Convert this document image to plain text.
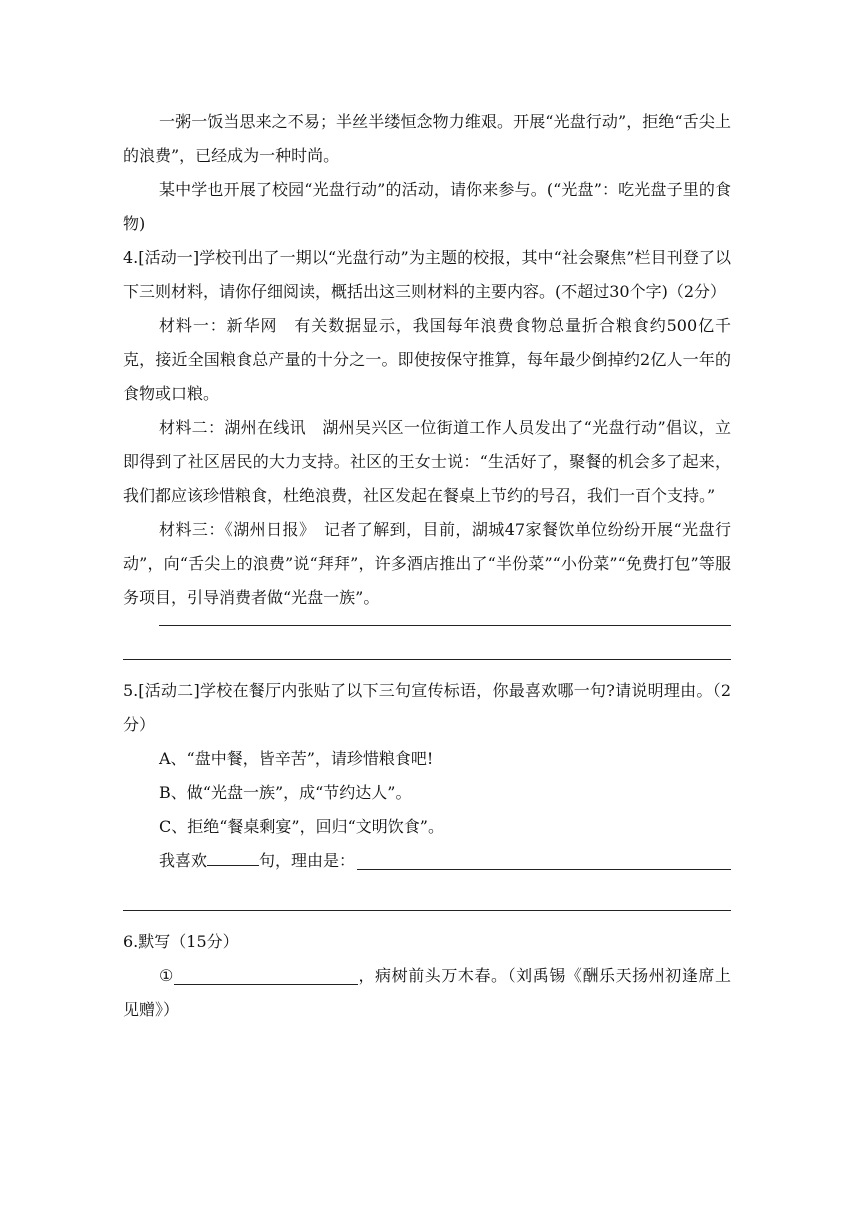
一粥一饭当思来之不易；半丝半缕恒念物力维艰。开展“光盘行动”，拒绝“舌尖上的浪费”，已经成为一种时尚。

某中学也开展了校园“光盘行动”的活动，请你来参与。(“光盘”：吃光盘子里的食物)

4.[活动一]学校刊出了一期以“光盘行动”为主题的校报，其中“社会聚焦”栏目刊登了以下三则材料，请你仔细阅读，概括出这三则材料的主要内容。(不超过30个字)（2分）

材料一：新华网　有关数据显示，我国每年浪费食物总量折合粮食约500亿千克，接近全国粮食总产量的十分之一。即使按保守推算，每年最少倒掉约2亿人一年的食物或口粮。

材料二：湖州在线讯　湖州吴兴区一位街道工作人员发出了“光盘行动”倡议，立即得到了社区居民的大力支持。社区的王女士说：“生活好了，聚餐的机会多了起来，我们都应该珍惜粮食，杜绝浪费，社区发起在餐桌上节约的号召，我们一百个支持。”

材料三：《湖州日报》　记者了解到，目前，湖城47家餐饮单位纷纷开展“光盘行动”，向“舌尖上的浪费”说“拜拜”，许多酒店推出了“半份菜”“小份菜”“免费打包”等服务项目，引导消费者做“光盘一族”。

5.[活动二]学校在餐厅内张贴了以下三句宣传标语，你最喜欢哪一句?请说明理由。（2分）

A、“盘中餐，皆辛苦”，请珍惜粮食吧!

B、做“光盘一族”，成“节约达人”。

C、拒绝“餐桌剩宴”，回归“文明饮食”。

我喜欢	句，理由是：

6.默写（15分）

①	，病树前头万木春。（刘禹锡《酬乐天扬州初逢席上见赠》）
